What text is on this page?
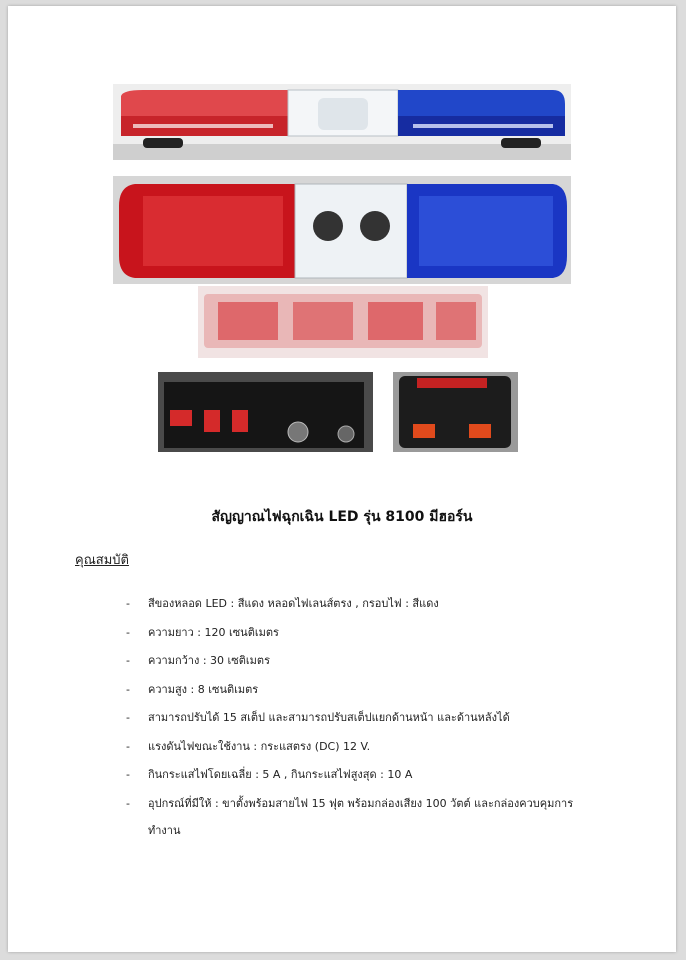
สัญญาณไฟฉุกเฉิน LED รุ่น 8100 มีฮอร์น
คุณสมบัติ
- สีของหลอด LED : สีแดง หลอดไฟเลนส์ตรง , กรอบไฟ : สีแดง
- ความยาว : 120 เซนติเมตร
- ความกว้าง : 30 เซติเมตร
- ความสูง : 8 เซนติเมตร
- สามารถปรับได้ 15 สเต็ป และสามารถปรับสเต็ปแยกด้านหน้า และด้านหลังได้
- แรงดันไฟขณะใช้งาน : กระแสตรง (DC) 12 V.
- กินกระแสไฟโดยเฉลี่ย : 5 A , กินกระแสไฟสูงสุด : 10 A
- อุปกรณ์ที่มีให้ : ขาตั้งพร้อมสายไฟ 15 ฟุต พร้อมกล่องเสียง 100 วัตต์ และกล่องควบคุมการ
ทำงาน
